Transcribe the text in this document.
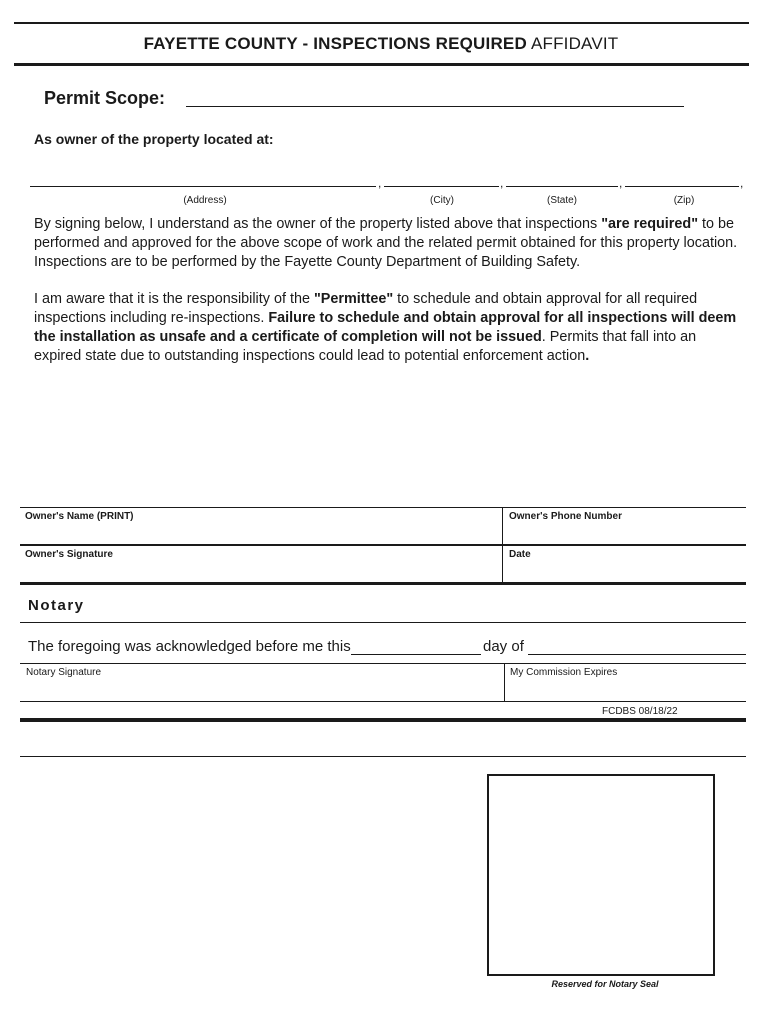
FAYETTE COUNTY - INSPECTIONS REQUIRED AFFIDAVIT
Permit Scope:
As owner of the property located at:
,	,	,	,
(Address)	(City)	(State)	(Zip)
By signing below, I understand as the owner of the property listed above that inspections "are required" to be performed and approved for the above scope of work and the related permit obtained for this property location. Inspections are to be performed by the Fayette County Department of Building Safety.
I am aware that it is the responsibility of the "Permittee" to schedule and obtain approval for all required inspections including re-inspections. Failure to schedule and obtain approval for all inspections will deem the installation as unsafe and a certificate of completion will not be issued. Permits that fall into an expired state due to outstanding inspections could lead to potential enforcement action.
Owner's Name (PRINT)	Owner's Phone Number
Owner's Signature	Date
Notary
The foregoing was acknowledged before me this	day of
Notary Signature	My Commission Expires
FCDBS 08/18/22
Reserved for Notary Seal
